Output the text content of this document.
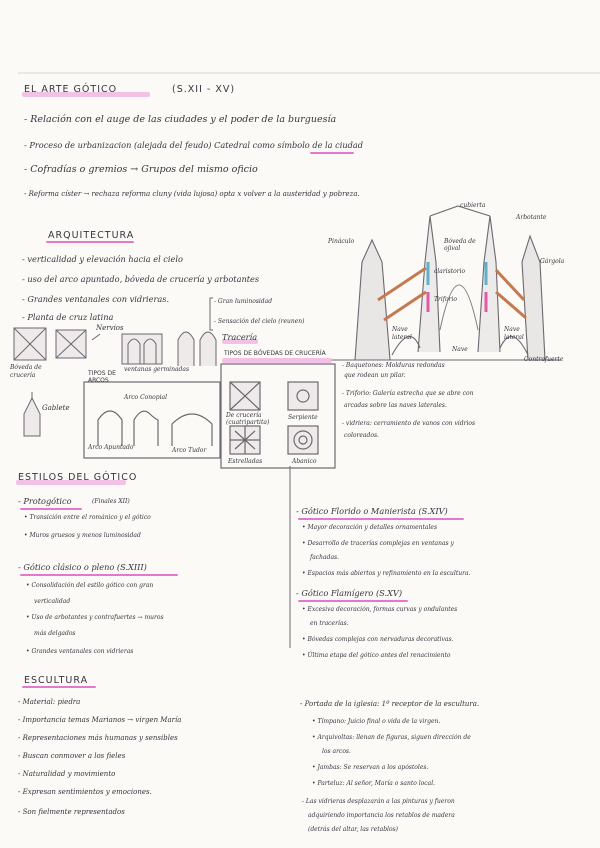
EL ARTE GÓTICO	(S.XII - XV)
- Relación con el auge de las ciudades y el poder de la burguesía
- Proceso de urbanizacion (alejada del feudo) Catedral como símbolo de la ciudad
- Cofradías o gremios → Grupos del mismo oficio
- Reforma císter → rechaza reforma cluny (vida lujosa) opta x volver a la austeridad y pobreza.
ARQUITECTURA
- verticalidad y elevación hacia el cielo
- uso del arco apuntado, bóveda de crucería y arbotantes
- Grandes ventanales con vidrieras.	- Gran luminosidad
- Sensación del cielo (reunen)
- Planta de cruz latina
Nervios
Tracería
Bóveda de crucería
ventanas germinadas
Gablete
TIPOS DE ARCOS
Arco Conopial
Arco Apuntado	Arco Tudor
TIPOS DE BÓVEDAS DE CRUCERÍA
De crucería (cuatripartita)
Serpiente
Estrelladas	Abanico
cubierta
Arbotante
Pináculo	Bóveda de ojival
claristorio
Triforio
Gárgola
Nave lateral
Nave
Nave lateral
Contrafuerte
- Baquetones: Molduras redondas
que rodean un pilar.
- Triforio: Galería estrecha que se abre con
arcadas sobre las naves laterales.
- vidriera: cerramiento de vanos con vidrios
coloreados.
ESTILOS DEL GÓTICO
- Protogótico	(Finales XII)
• Transición entre el románico y el gótico
• Muros gruesos y menos luminosidad
- Gótico clásico o pleno (S.XIII)
• Consolidación del estilo gótico con gran
verticalidad
• Uso de arbotantes y contrafuertes → muros
más delgados
• Grandes ventanales con vidrieras
- Gótico Florido o Manierista (S.XIV)
• Mayor decoración y detalles ornamentales
• Desarrollo de tracerías complejas en ventanas y
fachadas.
• Espacios más abiertos y refinamiento en la escultura.
- Gótico Flamígero (S.XV)
• Excesiva decoración, formas curvas y ondulantes
en tracerías.
• Bóvedas complejas con nervaduras decorativas.
• Última etapa del gótico antes del renacimiento
ESCULTURA
- Material: piedra
- Importancia temas Marianos → virgen María
- Representaciones más humanas y sensibles
- Buscan conmover a los fieles
- Naturalidad y movimiento
- Expresan sentimientos y emociones.
- Son fielmente representados
- Portada de la iglesia: 1º receptor de la escultura.
• Tímpano: Juicio final o vida de la virgen.
• Arquivoltas: llenan de figuras, siguen dirección de
los arcos.
• Jambas: Se reservan a los apóstoles.
• Parteluz: Al señor, María o santo local.
- Las vidrieras desplazarán a las pinturas y fueron
adquiriendo importancia los retablos de madera
(detrás del altar, las retablos)
